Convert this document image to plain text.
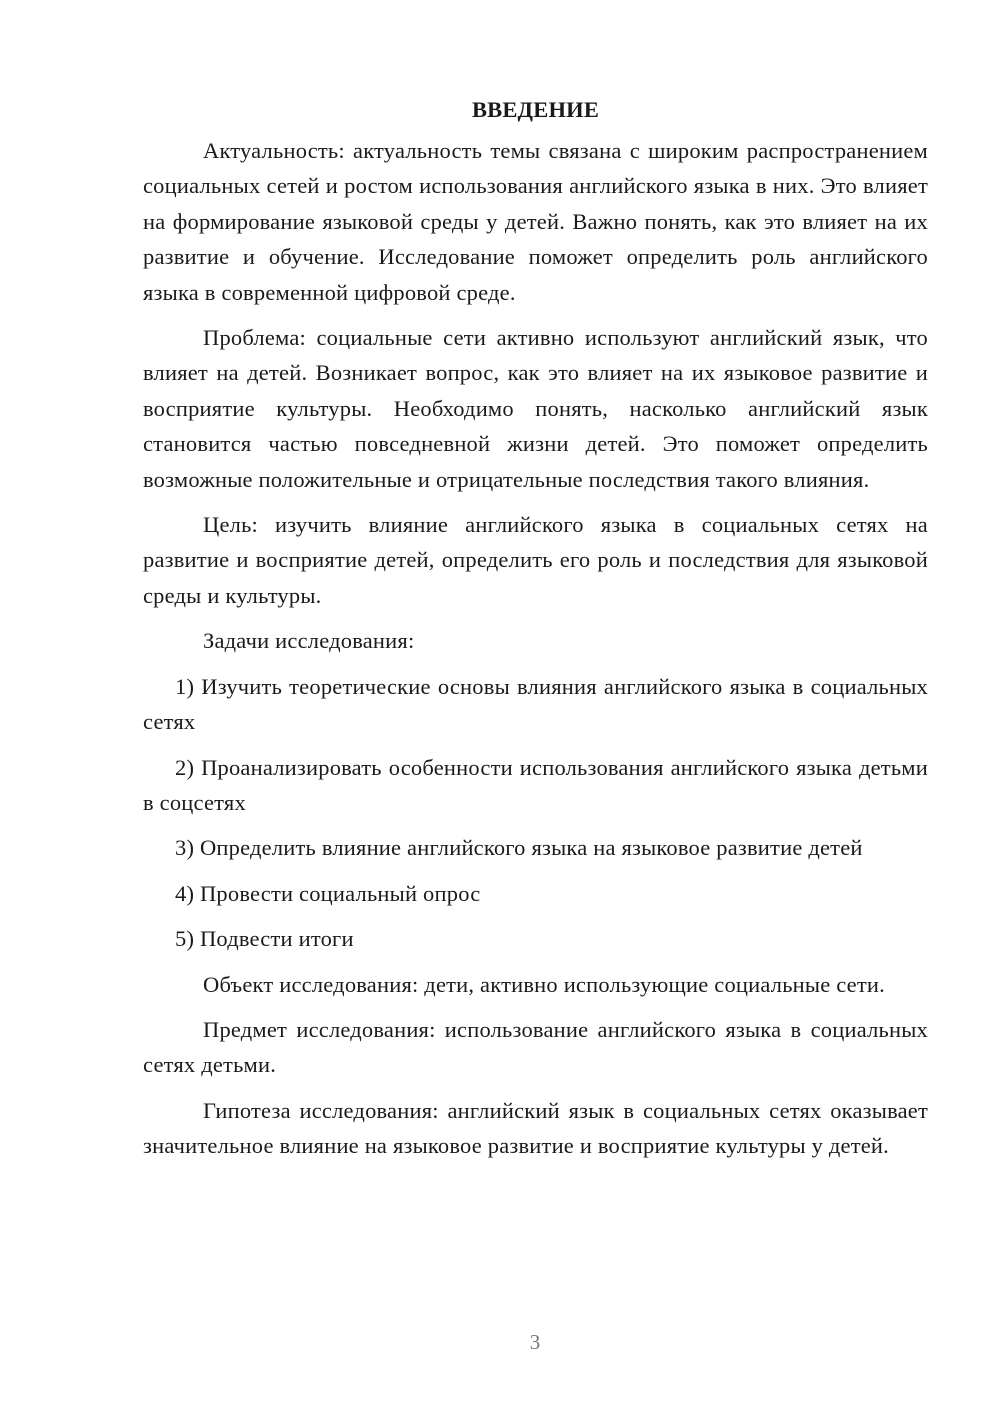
ВВЕДЕНИЕ

Актуальность: актуальность темы связана с широким распространением социальных сетей и ростом использования английского языка в них. Это влияет на формирование языковой среды у детей. Важно понять, как это влияет на их развитие и обучение. Исследование поможет определить роль английского языка в современной цифровой среде.

Проблема: социальные сети активно используют английский язык, что влияет на детей. Возникает вопрос, как это влияет на их языковое развитие и восприятие культуры. Необходимо понять, насколько английский язык становится частью повседневной жизни детей. Это поможет определить возможные положительные и отрицательные последствия такого влияния.

Цель: изучить влияние английского языка в социальных сетях на развитие и восприятие детей, определить его роль и последствия для языковой среды и культуры.

Задачи исследования:

1) Изучить теоретические основы влияния английского языка в социальных сетях

2) Проанализировать особенности использования английского языка детьми в соцсетях

3) Определить влияние английского языка на языковое развитие детей

4) Провести социальный опрос

5) Подвести итоги

Объект исследования: дети, активно использующие социальные сети.

Предмет исследования: использование английского языка в социальных сетях детьми.

Гипотеза исследования: английский язык в социальных сетях оказывает значительное влияние на языковое развитие и восприятие культуры у детей.

3
